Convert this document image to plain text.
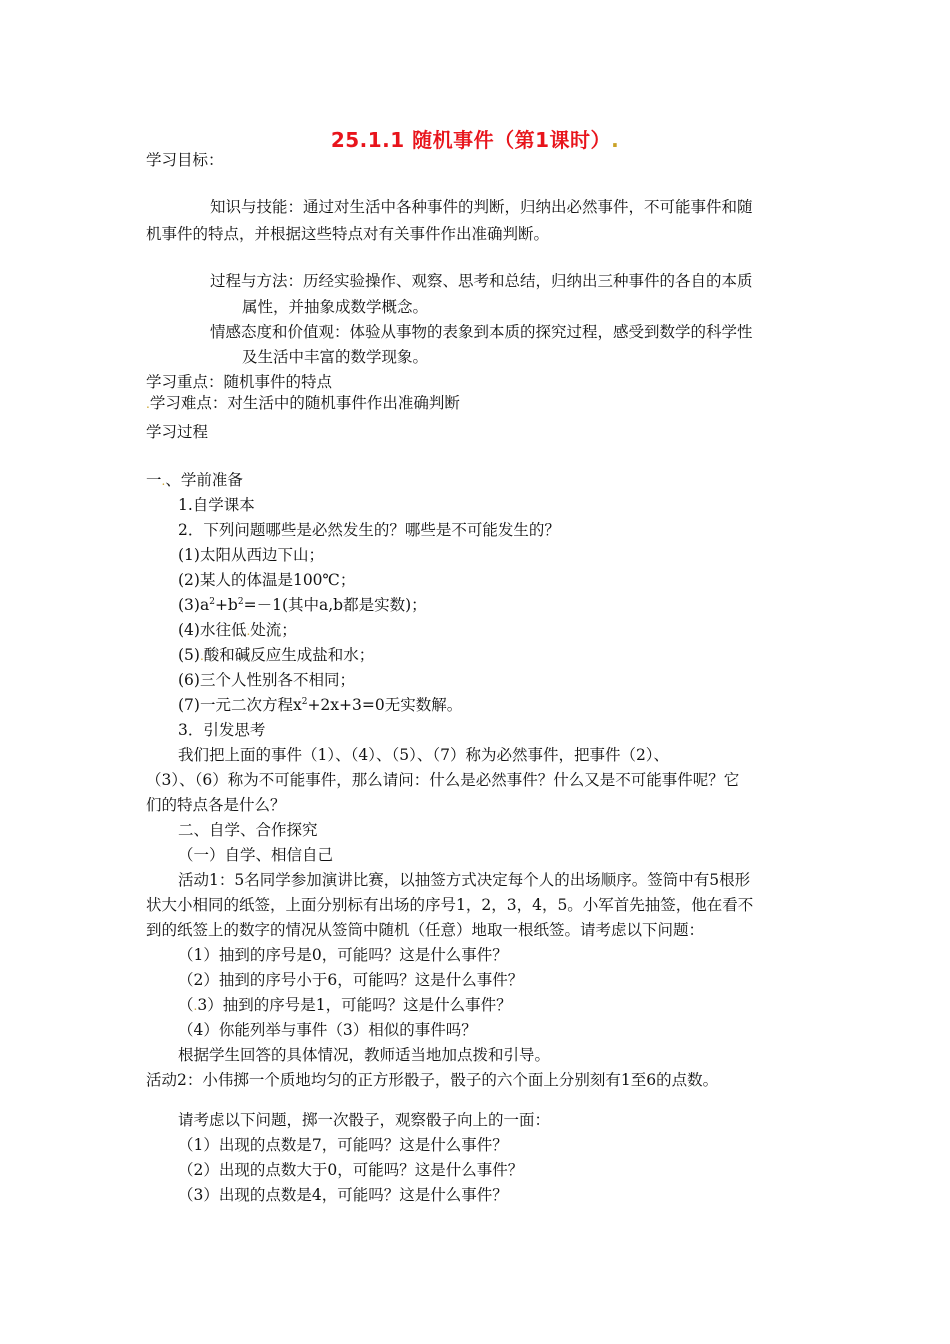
25.1.1 随机事件（第1课时）.
学习目标：
知识与技能：通过对生活中各种事件的判断，归纳出必然事件，不可能事件和随
机事件的特点，并根据这些特点对有关事件作出准确判断。
过程与方法：历经实验操作、观察、思考和总结，归纳出三种事件的各自的本质
属性，并抽象成数学概念。
情感态度和价值观：体验从事物的表象到本质的探究过程，感受到数学的科学性
及生活中丰富的数学现象。
学习重点：随机事件的特点
.学习难点：对生活中的随机事件作出准确判断
学习过程
一.、学前准备
1.自学课本
2．下列问题哪些是必然发生的？哪些是不可能发生的？
(1)太阳从西边下山；
(2)某人的体温是100℃；
$(3)a^2+b^2=-1$(其中a,b都是实数)；
(4)水往低.处流；
(5).酸和碱反应生成盐和水；
(6)三个人性别各不相同；
(7)一元二次方程$x^2+2x+3=0$无实数解。
3．引发思考
我们把上面的事件（1）、（4）、（5）、（7）称为必然事件，把事件（2）、
（3）、（6）称为不可能事件，那么请问：什么是必然事件？什么又是不可能事件呢？它
们的特点各是什么？
二、自学、合作探究
（一）自学、相信自己
活动1：5名同学参加演讲比赛，以抽签方式决定每个人的出场顺序。签筒中有5根形
状大小相同的纸签，上面分别标有出场的序号1，2，3，4，5。小军首先抽签，他在看不
到的纸签上的数字的情况从签筒中随机（任意）地取一根纸签。请考虑以下问题：
（1）抽到的序号是0，可能吗？这是什么事件？
（2）抽到的序号小于6，可能吗？这是什么事件？
（.3）抽到的序号是1，可能吗？这是什么事件？
（4）你能列举与事件（3）相似的事件吗？
根据学生回答的具体情况，教师适当地加点拨和引导。
活动2：小伟掷一个质地均匀的正方形骰子，骰子的六个面上分别刻有1至6的点数。
请考虑以下问题，掷一次骰子，观察骰子向上的一面：
（1）出现的点数是7，可能吗？这是什么事件？
（2）出现的点数大于0，可能吗？这是什么事件？
（3）出现的点数是4，可能吗？这是什么事件？
